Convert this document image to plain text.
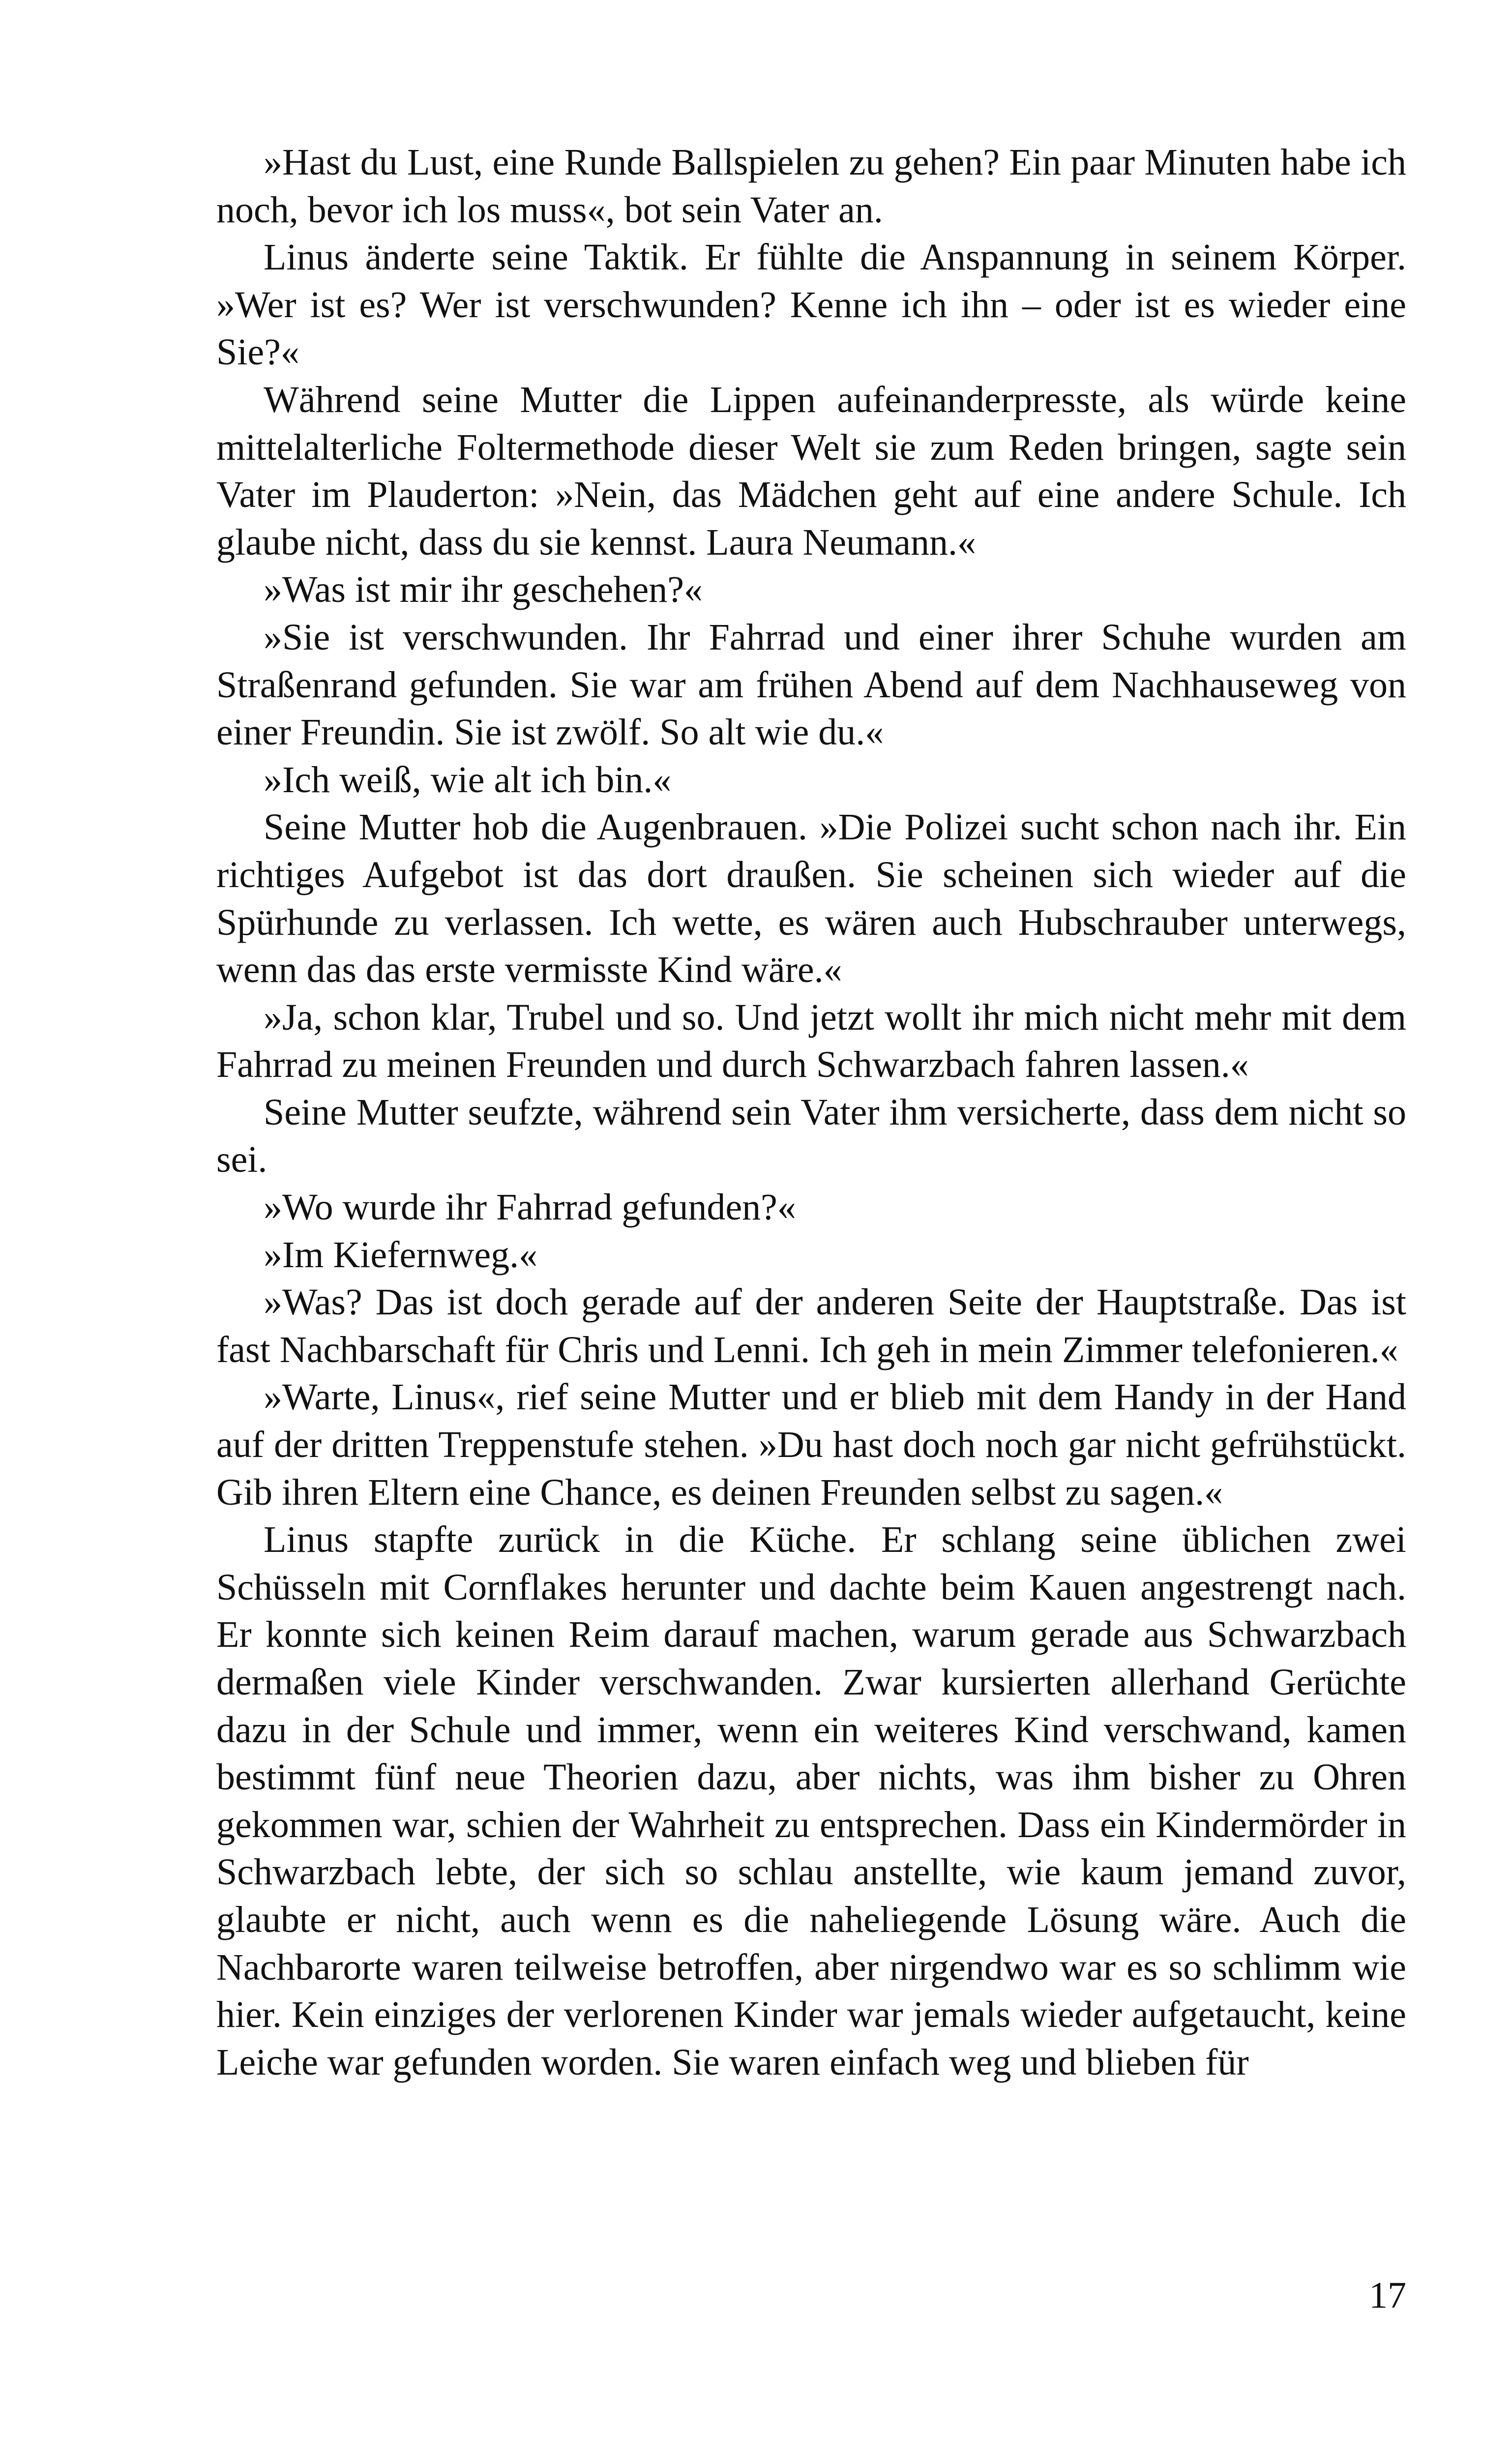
»Hast du Lust, eine Runde Ballspielen zu gehen? Ein paar Minuten habe ich noch, bevor ich los muss«, bot sein Vater an.

Linus änderte seine Taktik. Er fühlte die Anspannung in seinem Körper. »Wer ist es? Wer ist verschwunden? Kenne ich ihn – oder ist es wieder eine Sie?«

Während seine Mutter die Lippen aufeinanderpresste, als würde keine mittelalterliche Foltermethode dieser Welt sie zum Reden bringen, sagte sein Vater im Plauderton: »Nein, das Mädchen geht auf eine andere Schule. Ich glaube nicht, dass du sie kennst. Laura Neumann.«

»Was ist mir ihr geschehen?«

»Sie ist verschwunden. Ihr Fahrrad und einer ihrer Schuhe wurden am Straßenrand gefunden. Sie war am frühen Abend auf dem Nachhauseweg von einer Freundin. Sie ist zwölf. So alt wie du.«

»Ich weiß, wie alt ich bin.«

Seine Mutter hob die Augenbrauen. »Die Polizei sucht schon nach ihr. Ein richtiges Aufgebot ist das dort draußen. Sie scheinen sich wieder auf die Spürhunde zu verlassen. Ich wette, es wären auch Hubschrauber unterwegs, wenn das das erste vermisste Kind wäre.«

»Ja, schon klar, Trubel und so. Und jetzt wollt ihr mich nicht mehr mit dem Fahrrad zu meinen Freunden und durch Schwarzbach fahren lassen.«

Seine Mutter seufzte, während sein Vater ihm versicherte, dass dem nicht so sei.

»Wo wurde ihr Fahrrad gefunden?«

»Im Kiefernweg.«

»Was? Das ist doch gerade auf der anderen Seite der Hauptstraße. Das ist fast Nachbarschaft für Chris und Lenni. Ich geh in mein Zimmer telefonieren.«

»Warte, Linus«, rief seine Mutter und er blieb mit dem Handy in der Hand auf der dritten Treppenstufe stehen. »Du hast doch noch gar nicht gefrühstückt. Gib ihren Eltern eine Chance, es deinen Freunden selbst zu sagen.«

Linus stapfte zurück in die Küche. Er schlang seine üblichen zwei Schüsseln mit Cornflakes herunter und dachte beim Kauen angestrengt nach. Er konnte sich keinen Reim darauf machen, warum gerade aus Schwarzbach dermaßen viele Kinder verschwanden. Zwar kursierten allerhand Gerüchte dazu in der Schule und immer, wenn ein weiteres Kind verschwand, kamen bestimmt fünf neue Theorien dazu, aber nichts, was ihm bisher zu Ohren gekommen war, schien der Wahrheit zu entsprechen. Dass ein Kindermörder in Schwarzbach lebte, der sich so schlau anstellte, wie kaum jemand zuvor, glaubte er nicht, auch wenn es die naheliegende Lösung wäre. Auch die Nachbarorte waren teilweise betroffen, aber nirgendwo war es so schlimm wie hier. Kein einziges der verlorenen Kinder war jemals wieder aufgetaucht, keine Leiche war gefunden worden. Sie waren einfach weg und blieben für

17
